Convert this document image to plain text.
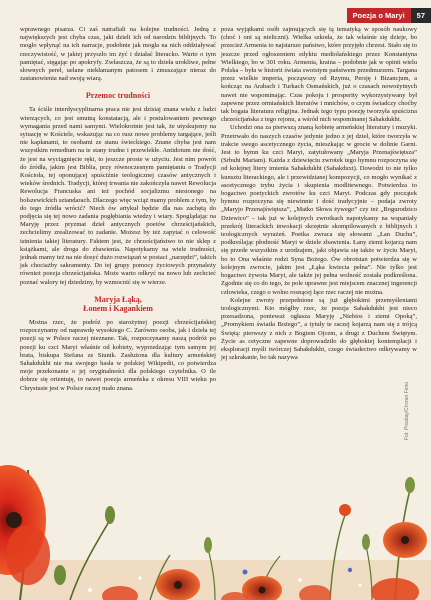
Poezja o Maryi	57

wprawnego pisarza. Ci zaś natrafiali na kolejne trudności. Jedną z największych jest chyba czas, jaki dzieli ich od narodzin biblijnych. To mogło wpłynąć na ich narracje, podobnie jak mogła na nich oddziaływać rzeczywistość, w jakiej przyszło im żyć i działać literacko. Warto o tym pamiętać, sięgając po apokryfy. Zwłaszcza, że są to dzieła urokliwe, pełne słownych pereł, uelane niekłamanym patosem i zmuszające nieraz do zastanowienia nad swoją wiarą.

Przemoc trudności

Ta ściśle interdyscyplinarna praca nie jest dzisiaj znana wielu z ludzi wierzących, co jest smutną konstatacją, ale i postulowaniem pewnego wymagania przed nami samymi. Wielokrotnie jest tak, że utyskujemy na sytuację w Kościele, wskazując na co rusz nowe problemy targające, jeśli nie kapłanami, to osobami ze stanu świeckiego. Znane chyba jest nam wszystkim remedium na te stany trudne i przewlekłe. Antidotum nie dość, że jest na wyciągnięcie ręki, to jeszcze proste w użyciu. Jest nim powrót do źródła, jakim jest Biblia, przy równoczesnym pamiętaniu o Tradycji Kościoła, tej oponującej spuściźnie teologicznej czasów antycznych i wieków średnich. Tradycji, której trwania nie zakończyła nawet Rewolucja Rewolucja Francuska ani też pochód socjalizmu niesionego na bolszewickich sztandarach. Dlaczego więc wciąż mamy problem z tym, by do tego źródła wrócić? Niech ów artykuł będzie dla nas zachętą do podjęcia się tej nowo zadania pogłębiania wiedzy i wiary. Spoglądając na Maryję przez pryzmat dzieł antycznych poetów chrześcijańskich, zechcielimy zrealizować to zadanie. Możesz by też zapytać o celowość istnienia takiej literatury. Faktem jest, że chrześcijaństwo to nie sklep z książkami, ale droga do zbawienia. Napotykamy na wiele trudności, jednak mamy też na nie dosyć dużo rozwiązań w postaci „narzędzi”, takich jak chociażby sakramenty. Do tej grupy pomocy życiowych przynależy również poezja chrześcijańska. Może warto odkryć na nowo lub zechcieć poznać walory tej dziedziny, by wzmocnić się w wierze.

Maryja Łąką,
Łonem i Kagankiem

Można rzec, że podróż po starożytnej poezji chrześcijańskiej rozpoczynamy od naprawdę wysokiego C. Zarówno osoba, jak i dzieła tej poezji są w Polsce raczej nieznane. Tak, rozpoczynamy naszą podróż po poezji ku czci Maryi właśnie od kobiety, wyprzedzając tym samym jej brata, biskupa Stefana ze Siunik. Zasłużona dla kultury armeńskiej Sahakdukht nie ma swojego hasła w polskiej Wikipedii, co potwierdza moje przekonanie o jej oryginalności dla polskiego czytelnika. O ile dobrze się orientuję, to nawet poezja armeńska z okresu VIII wieku po Chrystusie jest w Polsce raczej mało znana.

poza wyjątkami osób zajmujących się tą tematyką w sposób naukowy (choć i oni są nieliczni). Wielka szkoda, że tak właśnie się dzieje, bo przecież Armenia to najstarsze państwo, które przyjęło chrzest. Stało się to jeszcze przed ogłoszeniem edyktu mediolańskiego przez Konstantyna Wielkiego, bo w 301 roku. Armenia, kraina – podobnie jak w opinii wielu Polska – była w historii świata swoistym państwem przedmurzem. Targana przez wielkie imperia, począwszy od Rzymu, Persję i Bizancjum, a kończąc na Arabach i Turkach Osmańskich, już o czasach nowożytnych nawet nie wspominając. Czas pokoju i prosperity wykorzystywany był zapewne przez ormiańskich literatów i mnichów, o czym świadczy choćby tak bogata literatura religijna. Jednak tego typu poezję tworzyła spuścizna chrześcijańska z tego rejonu, a wśród nich wspominanej Sahakdukht.

Uchodzi ona za pierwszą znaną kobietę armeńskiej literatury i muzyki. Przetrwało do naszych czasów jedynie jedno z jej dzieł, które tworzyła w trakcie swego ascetycznego życia, mieszkając w grocie w dolinie Garni. Jest to hymn ku czci Maryi, zatytułowany „Maryja Przenajświętsza” (Srbuhi Mariam). Każda z dziewięciu zwrotek tego hymnu rozpoczyna się od kolejnej litery imienia Sahakdukht (Sahakduxt). Dowodzi to nie tylko kunsztu literackiego, ale i przewidzianej kompozycji, co mogło wynikać z ascetycznego trybu życia i skupienia modlitewnego. Potwierdza to bogactwo poetyckich zwrotów ku czci Maryi. Podczas gdy początek hymnu rozpoczyna się niewinnie i dość tradycyjnie – podaja zwroty „Maryjo Przenajświętsza”, „Matko Słowa żywego” czy też „Bogurodzico Dziewico” – tak już w kolejnych zwrotkach napotykamy na wspaniały przekrój literackich inwokacji skrzętnie skompilowanych z biblijnych i teologicznych wyrażeń. Poetka zwraca się słowami „Łan Duchu”, podkreślając płodność Maryi w dziele zbawienia. Łany ziemi kojarzą nam się przede wszystkim z urodzajem, jaki objawia się także w życiu Maryi, bo to Ona właśnie rodzi Syna Bożego. Ów obrotstan potwierdza się w kolejnym zwrocie, jakim jest „Łąka kwiecia pełna”. Nie tylko jest bogactwo żywota Maryi, ale także jej pełna wolność została podkreślona. Zgodnie się co do tego, że pole uprawne jest miejscem znacznej ingerencji człowieka, czego o wolno rosnącej łące rzec raczej nie można.

Kolejne zwroty przepełnione są już głębokimi przemyśleniami teologicznymi. Kto mógłby rzec, że poezja Sahakdukht jest nieco przesadzona, ponieważ ogłasza Maryję „Niebios i ziemi Opoką”, „Promykiem światła Bożego”, a tytuły te raczej kojarzą nam się z trójcą Świętą: pierwszy z nich z Bogiem Ojcem, a drugi z Duchem Świętym. Życie as cetyczne zapewne doprowadziło do głębokiej kontemplacji i eksploracji myśli twórczej Sahakdukht, czego świadectwo odkrywamy w jej szkrakanie, bo tak nazywa

Fot. Pixabay/Chrzan Feno
